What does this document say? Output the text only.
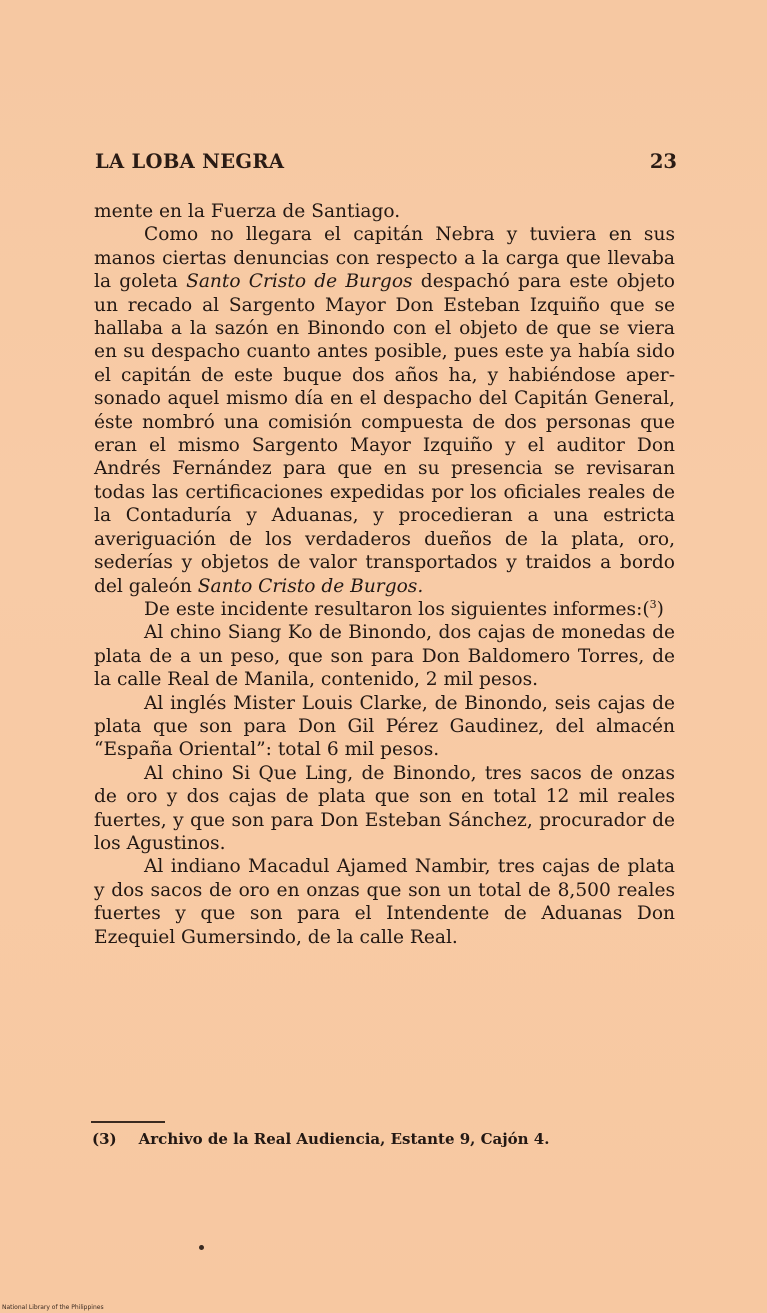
LA LOBA NEGRA	23

mente en la Fuerza de Santiago.

Como no llegara el capitán Nebra y tuviera en sus manos ciertas denuncias con respecto a la carga que llevaba la goleta Santo Cristo de Burgos despachó para este objeto un recado al Sargento Mayor Don Esteban Izquiño que se hallaba a la sazón en Binondo con el objeto de que se viera en su despacho cuanto antes posible, pues este ya había sido el capitán de este buque dos años ha, y habiéndose apersonado aquel mismo día en el despacho del Capitán General, éste nombró una comisión compuesta de dos personas que eran el mismo Sargento Mayor Izquiño y el auditor Don Andrés Fernández para que en su presencia se revisaran todas las certificaciones expedidas por los oficiales reales de la Contaduría y Aduanas, y procedieran a una estricta averiguación de los verdaderos dueños de la plata, oro, sederías y objetos de valor transportados y traidos a bordo del galeón Santo Cristo de Burgos.

De este incidente resultaron los siguientes informes:($^3$)

Al chino Siang Ko de Binondo, dos cajas de monedas de plata de a un peso, que son para Don Baldomero Torres, de la calle Real de Manila, contenido, 2 mil pesos.

Al inglés Mister Louis Clarke, de Binondo, seis cajas de plata que son para Don Gil Pérez Gaudinez, del almacén “España Oriental”: total 6 mil pesos.

Al chino Si Que Ling, de Binondo, tres sacos de onzas de oro y dos cajas de plata que son en total 12 mil reales fuertes, y que son para Don Esteban Sánchez, procurador de los Agustinos.

Al indiano Macadul Ajamed Nambir, tres cajas de plata y dos sacos de oro en onzas que son un total de 8,500 reales fuertes y que son para el Intendente de Aduanas Don Ezequiel Gumersindo, de la calle Real.

(3) Archivo de la Real Audiencia, Estante 9, Cajón 4.
National Library of the Philippines
